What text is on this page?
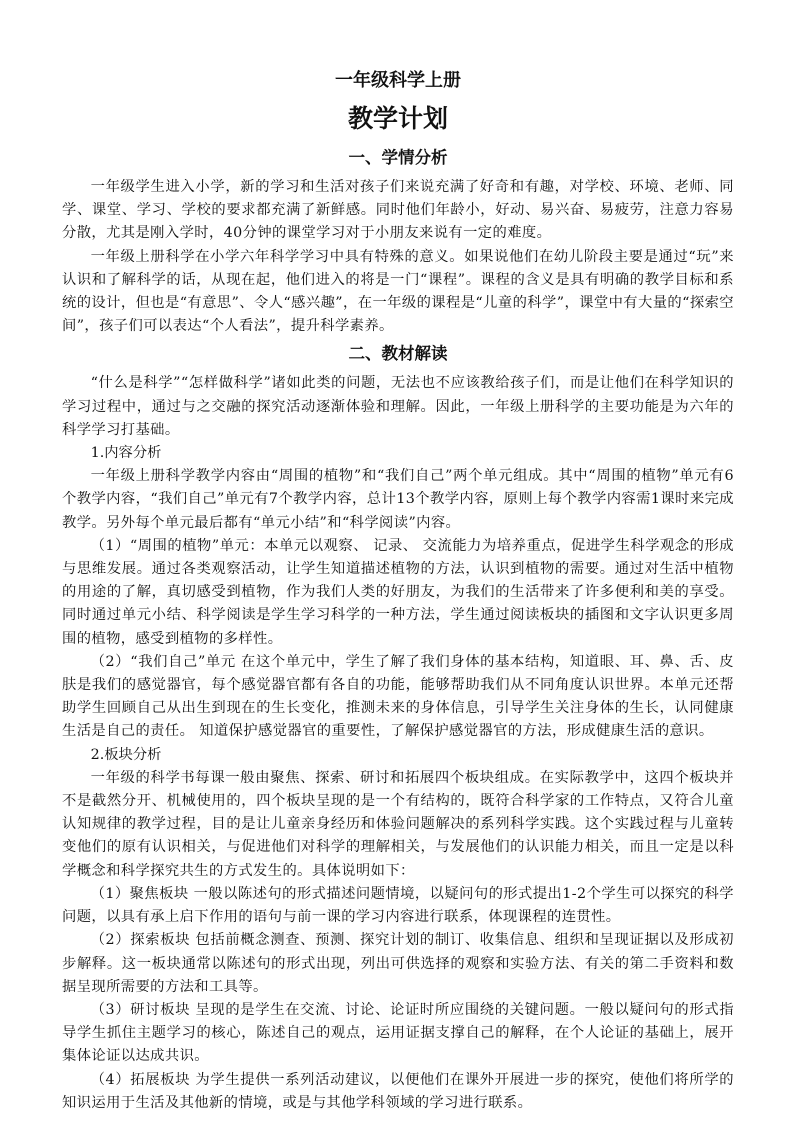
一年级科学上册
教学计划
一、学情分析

一年级学生进入小学，新的学习和生活对孩子们来说充满了好奇和有趣，对学校、环境、老师、同学、课堂、学习、学校的要求都充满了新鲜感。同时他们年龄小，好动、易兴奋、易疲劳，注意力容易分散，尤其是刚入学时，40分钟的课堂学习对于小朋友来说有一定的难度。

一年级上册科学在小学六年科学学习中具有特殊的意义。如果说他们在幼儿阶段主要是通过“玩”来认识和了解科学的话，从现在起，他们进入的将是一门“课程”。课程的含义是具有明确的教学目标和系统的设计，但也是“有意思”、令人“感兴趣”，在一年级的课程是“儿童的科学”，课堂中有大量的“探索空间”，孩子们可以表达“个人看法”，提升科学素养。

二、教材解读

“什么是科学”“怎样做科学”诸如此类的问题，无法也不应该教给孩子们，而是让他们在科学知识的学习过程中，通过与之交融的探究活动逐渐体验和理解。因此，一年级上册科学的主要功能是为六年的科学学习打基础。

1.内容分析

一年级上册科学教学内容由“周围的植物”和“我们自己”两个单元组成。其中“周围的植物”单元有6个教学内容，“我们自己”单元有7个教学内容，总计13个教学内容，原则上每个教学内容需1课时来完成教学。另外每个单元最后都有“单元小结”和“科学阅读”内容。

（1）“周围的植物”单元：本单元以观察、 记录、 交流能力为培养重点，促进学生科学观念的形成与思维发展。通过各类观察活动，让学生知道描述植物的方法，认识到植物的需要。通过对生活中植物的用途的了解，真切感受到植物，作为我们人类的好朋友，为我们的生活带来了许多便利和美的享受。 同时通过单元小结、科学阅读是学生学习科学的一种方法，学生通过阅读板块的插图和文字认识更多周围的植物，感受到植物的多样性。

（2）“我们自己”单元 在这个单元中，学生了解了我们身体的基本结构，知道眼、耳、鼻、舌、皮肤是我们的感觉器官，每个感觉器官都有各自的功能，能够帮助我们从不同角度认识世界。本单元还帮助学生回顾自己从出生到现在的生长变化，推测未来的身体信息，引导学生关注身体的生长，认同健康生活是自己的责任。 知道保护感觉器官的重要性，了解保护感觉器官的方法，形成健康生活的意识。

2.板块分析

一年级的科学书每课一般由聚焦、探索、研讨和拓展四个板块组成。在实际教学中，这四个板块并不是截然分开、机械使用的，四个板块呈现的是一个有结构的，既符合科学家的工作特点，又符合儿童认知规律的教学过程，目的是让儿童亲身经历和体验问题解决的系列科学实践。这个实践过程与儿童转变他们的原有认识相关，与促进他们对科学的理解相关，与发展他们的认识能力相关，而且一定是以科学概念和科学探究共生的方式发生的。具体说明如下：

（1）聚焦板块 一般以陈述句的形式描述问题情境，以疑问句的形式提出1-2个学生可以探究的科学问题，以具有承上启下作用的语句与前一课的学习内容进行联系，体现课程的连贯性。

（2）探索板块 包括前概念测查、预测、探究计划的制订、收集信息、组织和呈现证据以及形成初步解释。这一板块通常以陈述句的形式出现，列出可供选择的观察和实验方法、有关的第二手资料和数据呈现所需要的方法和工具等。

（3）研讨板块 呈现的是学生在交流、讨论、论证时所应围绕的关键问题。一般以疑问句的形式指导学生抓住主题学习的核心，陈述自己的观点，运用证据支撑自己的解释，在个人论证的基础上，展开集体论证以达成共识。

（4）拓展板块 为学生提供一系列活动建议，以便他们在课外开展进一步的探究，使他们将所学的知识运用于生活及其他新的情境，或是与其他学科领域的学习进行联系。
